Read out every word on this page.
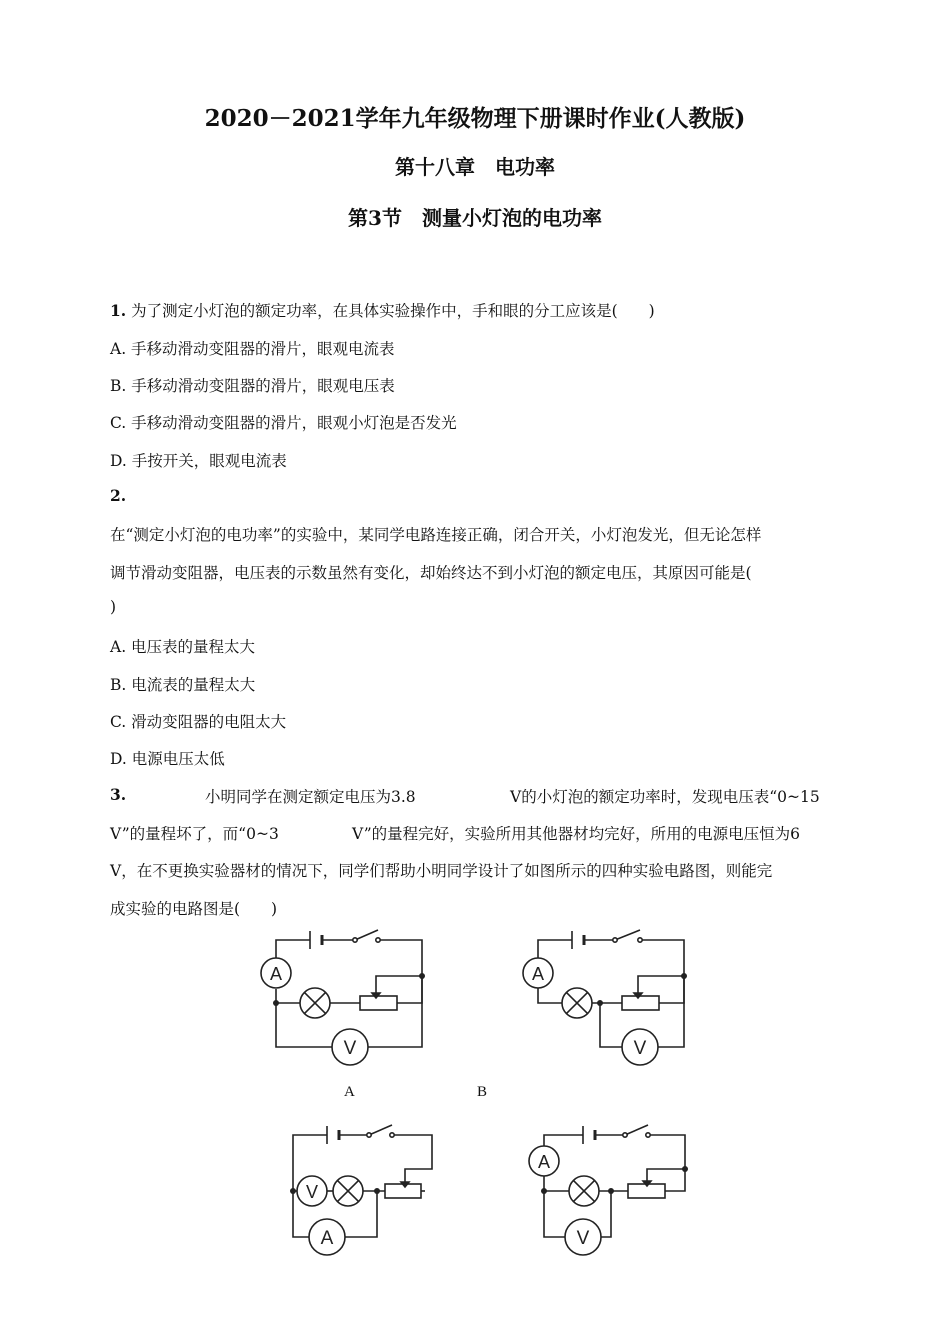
2020－2021学年九年级物理下册课时作业(人教版)
第十八章　电功率
第3节　测量小灯泡的电功率
1. 为了测定小灯泡的额定功率，在具体实验操作中，手和眼的分工应该是(　　)
A. 手移动滑动变阻器的滑片，眼观电流表
B. 手移动滑动变阻器的滑片，眼观电压表
C. 手移动滑动变阻器的滑片，眼观小灯泡是否发光
D. 手按开关，眼观电流表
2.
在“测定小灯泡的电功率”的实验中，某同学电路连接正确，闭合开关，小灯泡发光，但无论怎样
调节滑动变阻器，电压表的示数虽然有变化，却始终达不到小灯泡的额定电压，其原因可能是(
)
A. 电压表的量程太大
B. 电流表的量程太大
C. 滑动变阻器的电阻太大
D. 电源电压太低
3.	小明同学在测定额定电压为3.8	V的小灯泡的额定功率时，发现电压表“0~15
V”的量程坏了，而“0~3	V”的量程完好，实验所用其他器材均完好，所用的电源电压恒为6
V，在不更换实验器材的情况下，同学们帮助小明同学设计了如图所示的四种实验电路图，则能完
成实验的电路图是(　　)
A
V
A
A
V
B
V
A
A
V
